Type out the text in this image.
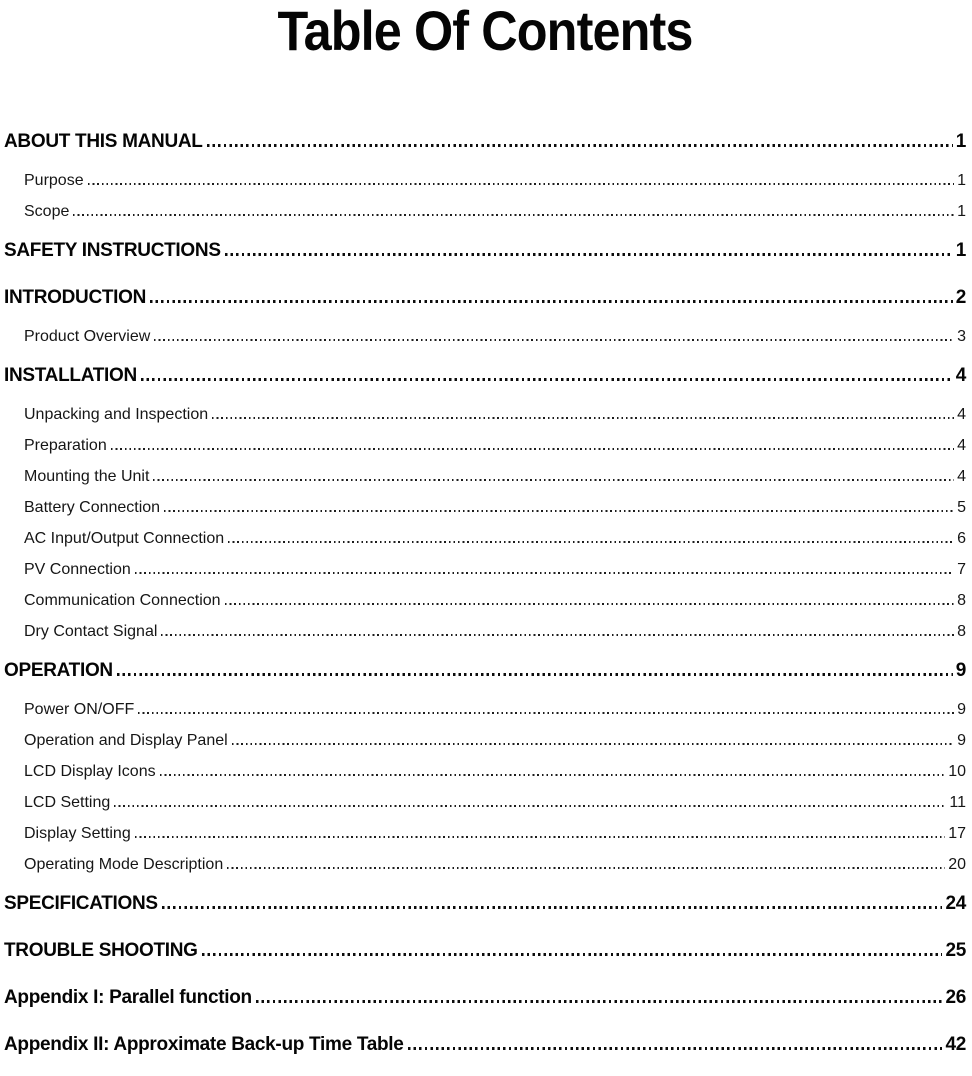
Table Of Contents
ABOUT THIS MANUAL	1
Purpose	1
Scope	1
SAFETY INSTRUCTIONS	1
INTRODUCTION	2
Product Overview	3
INSTALLATION	4
Unpacking and Inspection	4
Preparation	4
Mounting the Unit	4
Battery Connection	5
AC Input/Output Connection	6
PV Connection	7
Communication Connection	8
Dry Contact Signal	8
OPERATION	9
Power ON/OFF	9
Operation and Display Panel	9
LCD Display Icons	10
LCD Setting	11
Display Setting	17
Operating Mode Description	20
SPECIFICATIONS	24
TROUBLE SHOOTING	25
Appendix I: Parallel function	26
Appendix II: Approximate Back-up Time Table	42
